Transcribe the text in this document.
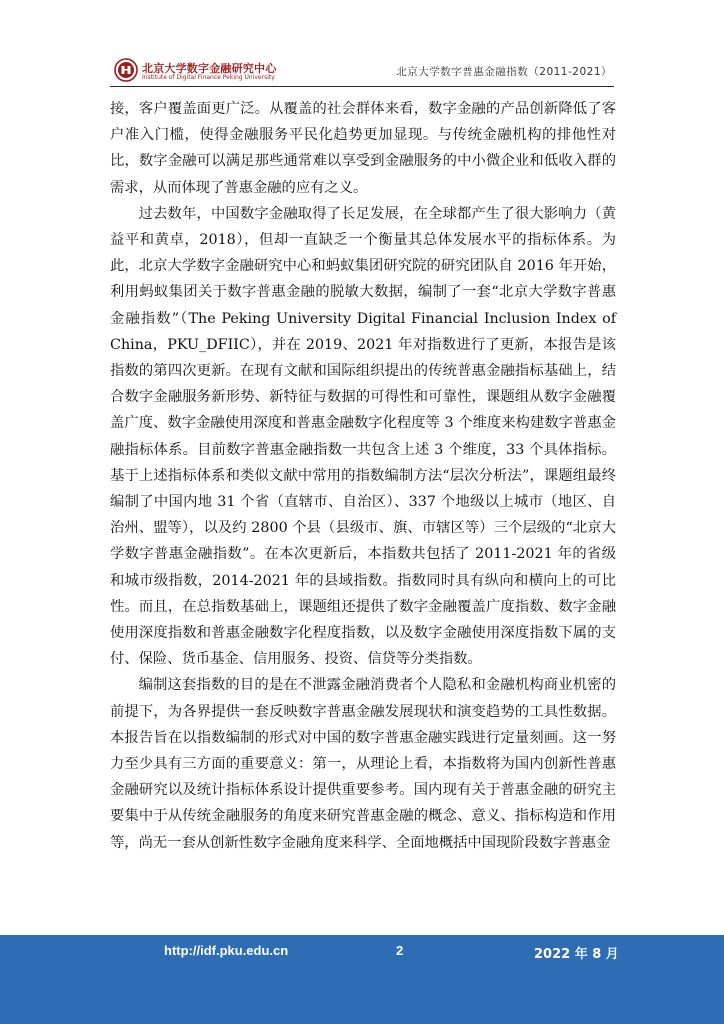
北京大学数字金融研究中心
Institute of Digital Finance Peking University	北京大学数字普惠金融指数（2011-2021）

接，客户覆盖面更广泛。从覆盖的社会群体来看，数字金融的产品创新降低了客户准入门槛，使得金融服务平民化趋势更加显现。与传统金融机构的排他性对比，数字金融可以满足那些通常难以享受到金融服务的中小微企业和低收入群的需求，从而体现了普惠金融的应有之义。

过去数年，中国数字金融取得了长足发展，在全球都产生了很大影响力（黄益平和黄卓，2018），但却一直缺乏一个衡量其总体发展水平的指标体系。为此，北京大学数字金融研究中心和蚂蚁集团研究院的研究团队自 2016 年开始，利用蚂蚁集团关于数字普惠金融的脱敏大数据，编制了一套“北京大学数字普惠金融指数”（The Peking University Digital Financial Inclusion Index of China，PKU_DFIIC），并在 2019、2021 年对指数进行了更新，本报告是该指数的第四次更新。在现有文献和国际组织提出的传统普惠金融指标基础上，结合数字金融服务新形势、新特征与数据的可得性和可靠性，课题组从数字金融覆盖广度、数字金融使用深度和普惠金融数字化程度等 3 个维度来构建数字普惠金融指标体系。目前数字普惠金融指数一共包含上述 3 个维度，33 个具体指标。基于上述指标体系和类似文献中常用的指数编制方法“层次分析法”，课题组最终编制了中国内地 31 个省（直辖市、自治区）、337 个地级以上城市（地区、自治州、盟等），以及约 2800 个县（县级市、旗、市辖区等）三个层级的“北京大学数字普惠金融指数”。在本次更新后，本指数共包括了 2011-2021 年的省级和城市级指数，2014-2021 年的县域指数。指数同时具有纵向和横向上的可比性。而且，在总指数基础上，课题组还提供了数字金融覆盖广度指数、数字金融使用深度指数和普惠金融数字化程度指数，以及数字金融使用深度指数下属的支付、保险、货币基金、信用服务、投资、信贷等分类指数。

编制这套指数的目的是在不泄露金融消费者个人隐私和金融机构商业机密的前提下，为各界提供一套反映数字普惠金融发展现状和演变趋势的工具性数据。本报告旨在以指数编制的形式对中国的数字普惠金融实践进行定量刻画。这一努力至少具有三方面的重要意义：第一，从理论上看，本指数将为国内创新性普惠金融研究以及统计指标体系设计提供重要参考。国内现有关于普惠金融的研究主要集中于从传统金融服务的角度来研究普惠金融的概念、意义、指标构造和作用等，尚无一套从创新性数字金融角度来科学、全面地概括中国现阶段数字普惠金

http://idf.pku.edu.cn	2	2022 年 8 月
